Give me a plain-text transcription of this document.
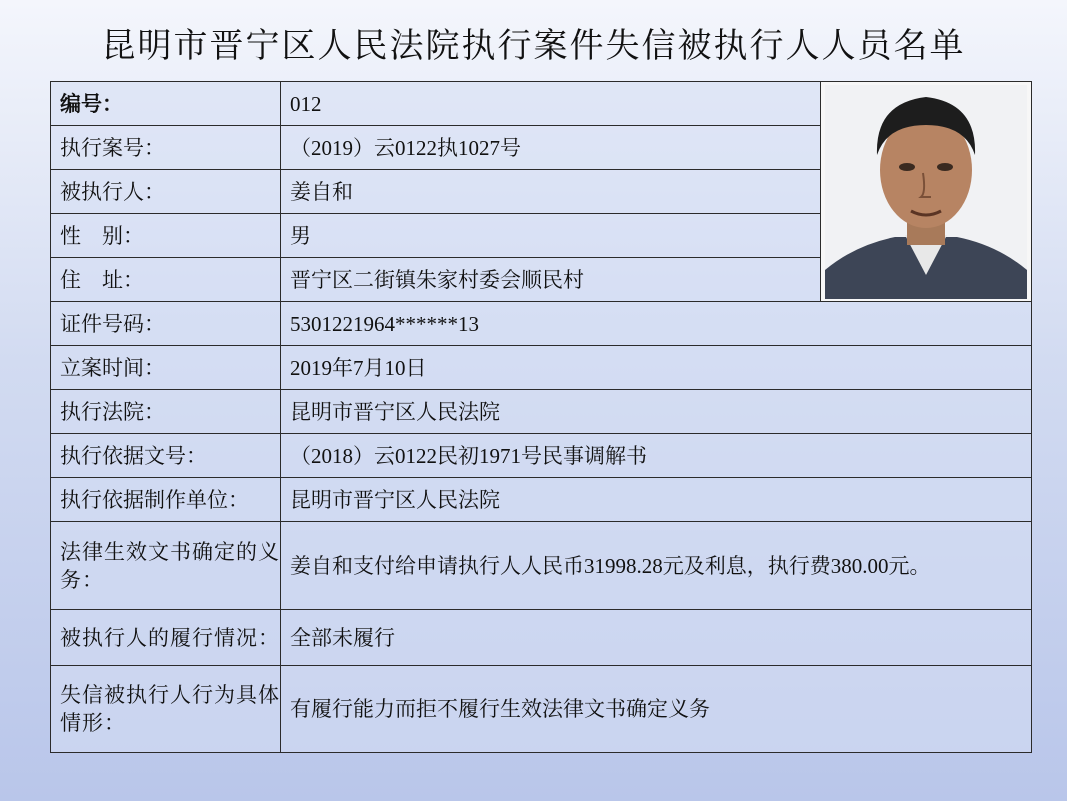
昆明市晋宁区人民法院执行案件失信被执行人人员名单
编号：	012	

执行案号：	（2019）云0122执1027号	
被执行人：	姜自和	
性　别：	男	
住　址：	晋宁区二街镇朱家村委会顺民村	
证件号码：	5301221964******13	
立案时间：	2019年7月10日	
执行法院：	昆明市晋宁区人民法院	
执行依据文号：	（2018）云0122民初1971号民事调解书	
执行依据制作单位：	昆明市晋宁区人民法院	
法律生效文书确定的义务：	姜自和支付给申请执行人人民币31998.28元及利息，执行费380.00元。	
被执行人的履行情况：	全部未履行	
失信被执行人行为具体情形：	有履行能力而拒不履行生效法律文书确定义务	
